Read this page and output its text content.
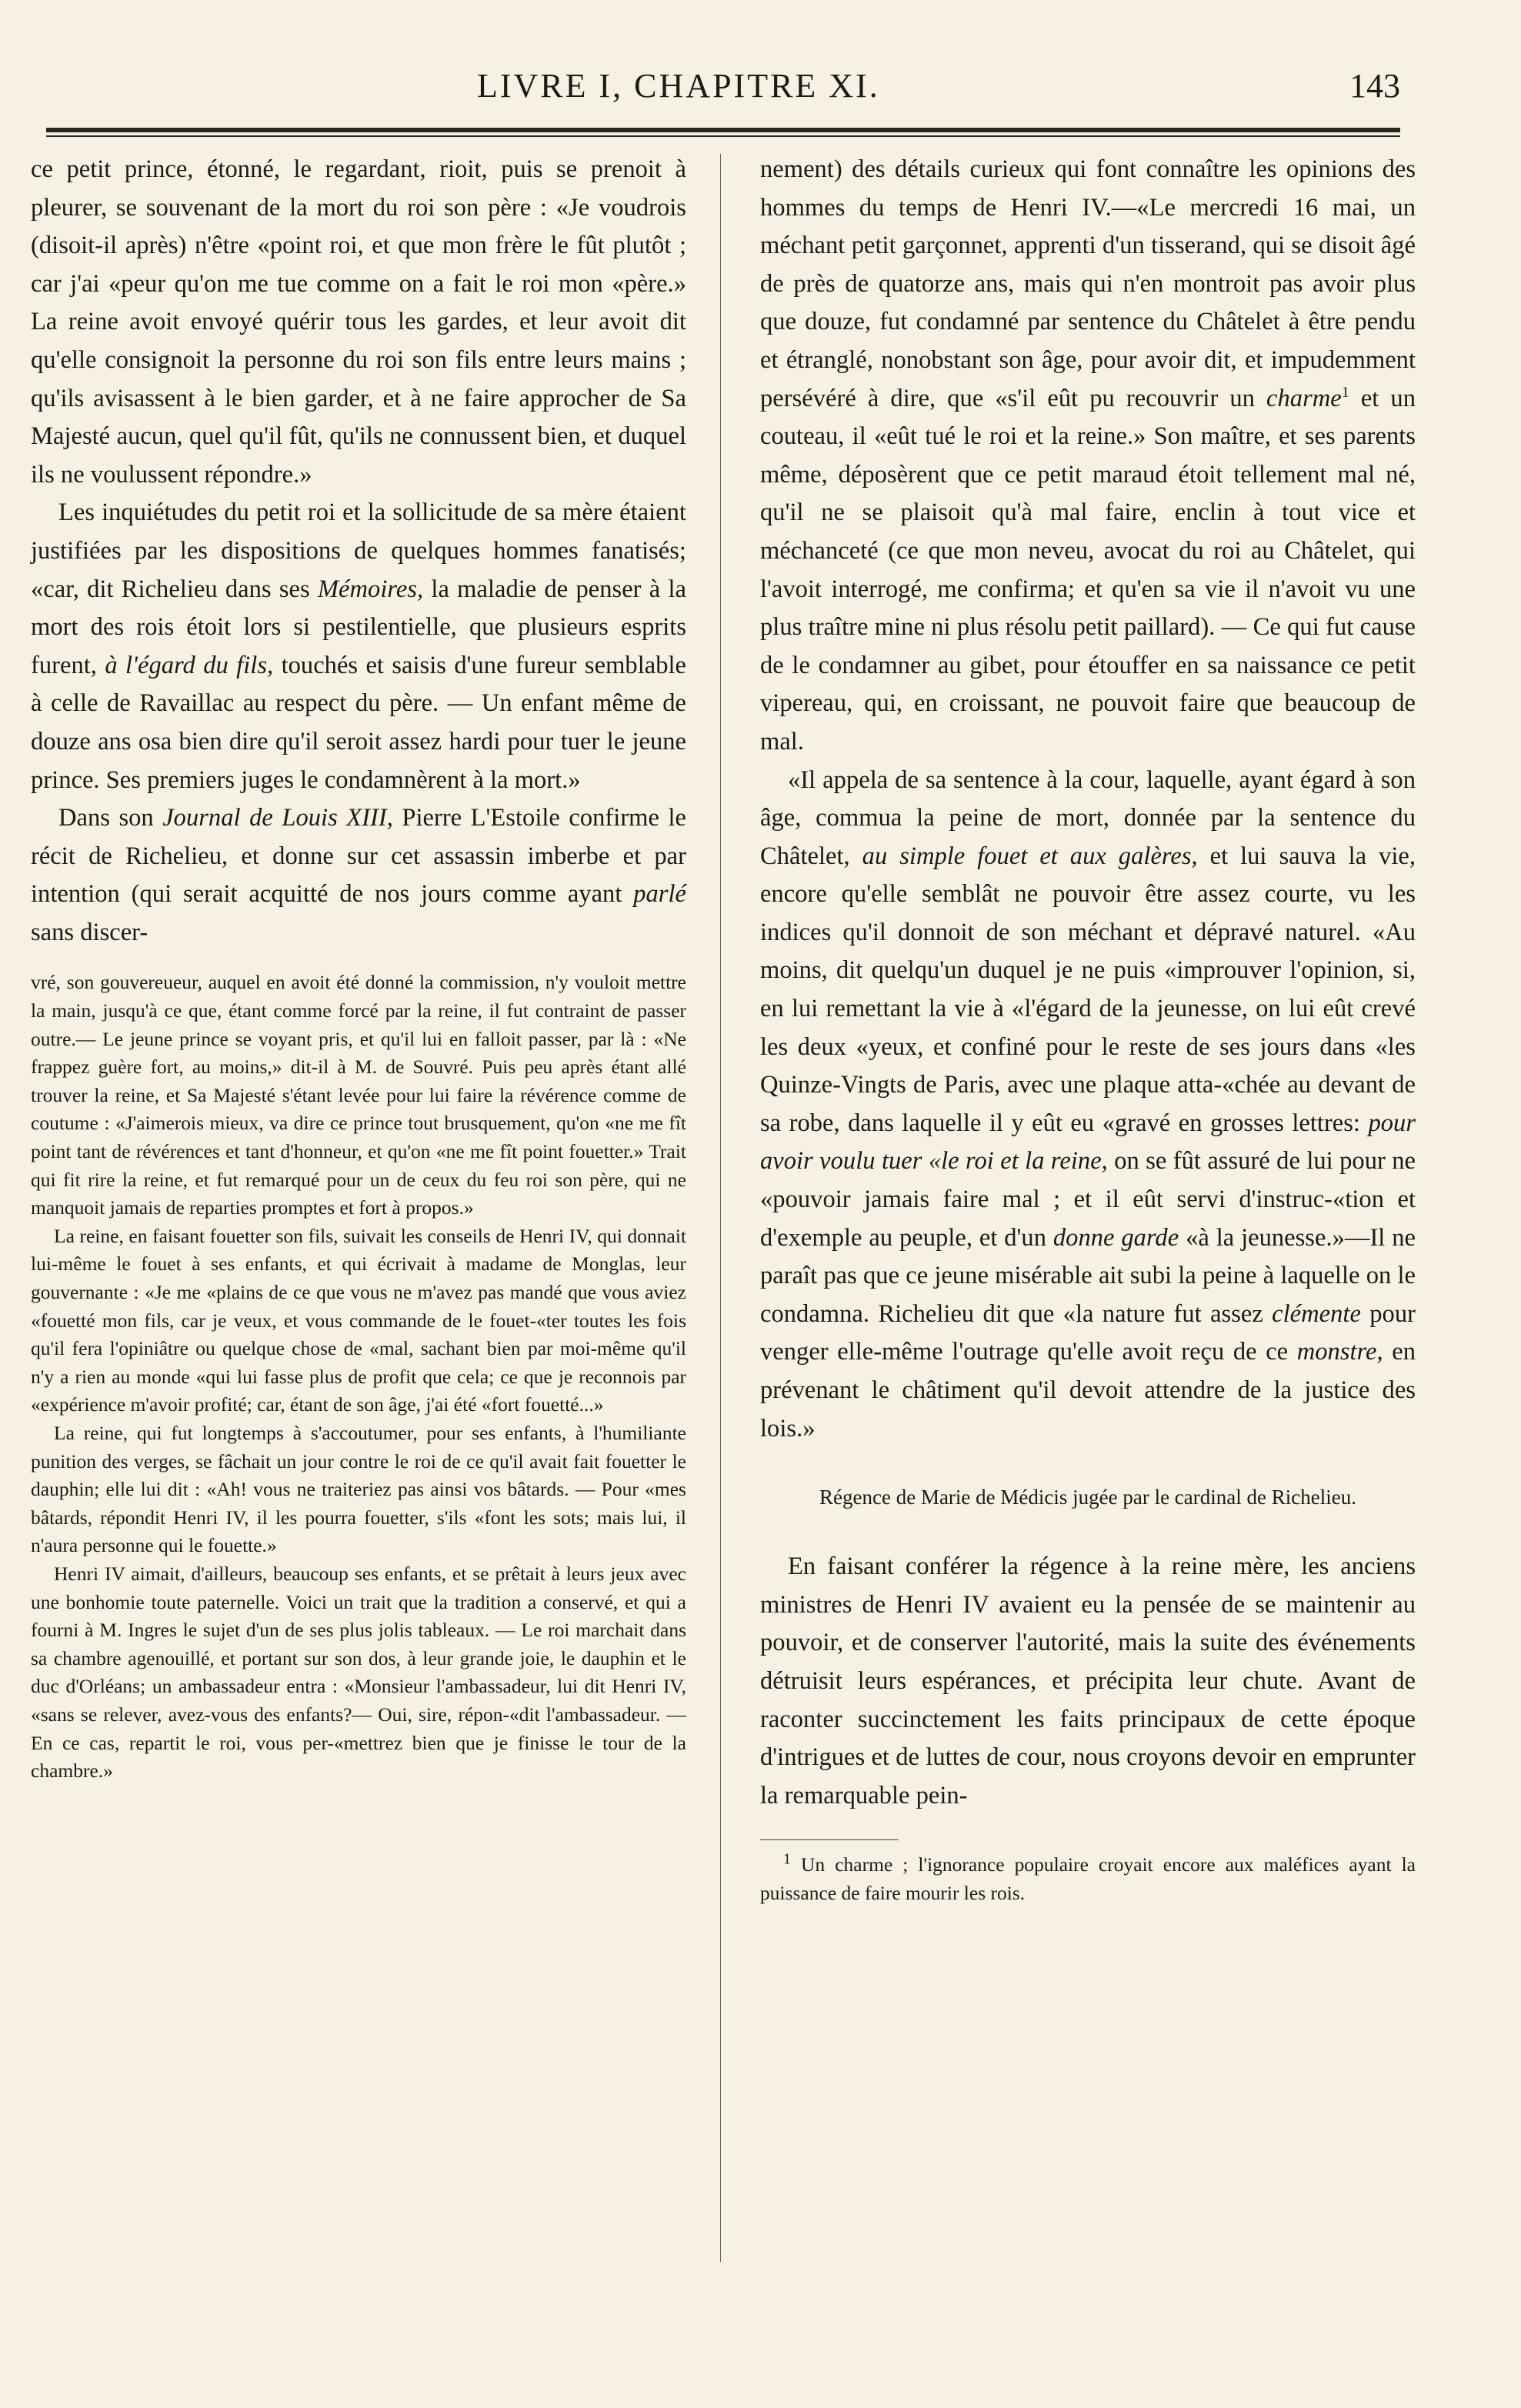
LIVRE I, CHAPITRE XI.	143

ce petit prince, étonné, le regardant, rioit, puis se prenoit à pleurer, se souvenant de la mort du roi son père : «Je voudrois (disoit-il après) n'être «point roi, et que mon frère le fût plutôt ; car j'ai «peur qu'on me tue comme on a fait le roi mon «père.» La reine avoit envoyé quérir tous les gardes, et leur avoit dit qu'elle consignoit la personne du roi son fils entre leurs mains ; qu'ils avisassent à le bien garder, et à ne faire approcher de Sa Majesté aucun, quel qu'il fût, qu'ils ne connussent bien, et duquel ils ne voulussent répondre.»

Les inquiétudes du petit roi et la sollicitude de sa mère étaient justifiées par les dispositions de quelques hommes fanatisés; «car, dit Richelieu dans ses Mémoires, la maladie de penser à la mort des rois étoit lors si pestilentielle, que plusieurs esprits furent, à l'égard du fils, touchés et saisis d'une fureur semblable à celle de Ravaillac au respect du père. — Un enfant même de douze ans osa bien dire qu'il seroit assez hardi pour tuer le jeune prince. Ses premiers juges le condamnèrent à la mort.»

Dans son Journal de Louis XIII, Pierre L'Estoile confirme le récit de Richelieu, et donne sur cet assassin imberbe et par intention (qui serait acquitté de nos jours comme ayant parlé sans discer-

vré, son gouvereueur, auquel en avoit été donné la commission, n'y vouloit mettre la main, jusqu'à ce que, étant comme forcé par la reine, il fut contraint de passer outre.— Le jeune prince se voyant pris, et qu'il lui en falloit passer, par là : «Ne frappez guère fort, au moins,» dit-il à M. de Souvré. Puis peu après étant allé trouver la reine, et Sa Majesté s'étant levée pour lui faire la révérence comme de coutume : «J'aimerois mieux, va dire ce prince tout brusquement, qu'on «ne me fît point tant de révérences et tant d'honneur, et qu'on «ne me fît point fouetter.» Trait qui fit rire la reine, et fut remarqué pour un de ceux du feu roi son père, qui ne manquoit jamais de reparties promptes et fort à propos.»

La reine, en faisant fouetter son fils, suivait les conseils de Henri IV, qui donnait lui-même le fouet à ses enfants, et qui écrivait à madame de Monglas, leur gouvernante : «Je me «plains de ce que vous ne m'avez pas mandé que vous aviez «fouetté mon fils, car je veux, et vous commande de le fouet-«ter toutes les fois qu'il fera l'opiniâtre ou quelque chose de «mal, sachant bien par moi-même qu'il n'y a rien au monde «qui lui fasse plus de profit que cela; ce que je reconnois par «expérience m'avoir profité; car, étant de son âge, j'ai été «fort fouetté...»

La reine, qui fut longtemps à s'accoutumer, pour ses enfants, à l'humiliante punition des verges, se fâchait un jour contre le roi de ce qu'il avait fait fouetter le dauphin; elle lui dit : «Ah! vous ne traiteriez pas ainsi vos bâtards. — Pour «mes bâtards, répondit Henri IV, il les pourra fouetter, s'ils «font les sots; mais lui, il n'aura personne qui le fouette.»

Henri IV aimait, d'ailleurs, beaucoup ses enfants, et se prêtait à leurs jeux avec une bonhomie toute paternelle. Voici un trait que la tradition a conservé, et qui a fourni à M. Ingres le sujet d'un de ses plus jolis tableaux. — Le roi marchait dans sa chambre agenouillé, et portant sur son dos, à leur grande joie, le dauphin et le duc d'Orléans; un ambassadeur entra : «Monsieur l'ambassadeur, lui dit Henri IV, «sans se relever, avez-vous des enfants?— Oui, sire, répon-«dit l'ambassadeur. — En ce cas, repartit le roi, vous per-«mettrez bien que je finisse le tour de la chambre.»

nement) des détails curieux qui font connaître les opinions des hommes du temps de Henri IV.—«Le mercredi 16 mai, un méchant petit garçonnet, apprenti d'un tisserand, qui se disoit âgé de près de quatorze ans, mais qui n'en montroit pas avoir plus que douze, fut condamné par sentence du Châtelet à être pendu et étranglé, nonobstant son âge, pour avoir dit, et impudemment persévéré à dire, que «s'il eût pu recouvrir un charme$^1$ et un couteau, il «eût tué le roi et la reine.» Son maître, et ses parents même, déposèrent que ce petit maraud étoit tellement mal né, qu'il ne se plaisoit qu'à mal faire, enclin à tout vice et méchanceté (ce que mon neveu, avocat du roi au Châtelet, qui l'avoit interrogé, me confirma; et qu'en sa vie il n'avoit vu une plus traître mine ni plus résolu petit paillard). — Ce qui fut cause de le condamner au gibet, pour étouffer en sa naissance ce petit vipereau, qui, en croissant, ne pouvoit faire que beaucoup de mal.

«Il appela de sa sentence à la cour, laquelle, ayant égard à son âge, commua la peine de mort, donnée par la sentence du Châtelet, au simple fouet et aux galères, et lui sauva la vie, encore qu'elle semblât ne pouvoir être assez courte, vu les indices qu'il donnoit de son méchant et dépravé naturel. «Au moins, dit quelqu'un duquel je ne puis «improuver l'opinion, si, en lui remettant la vie à «l'égard de la jeunesse, on lui eût crevé les deux «yeux, et confiné pour le reste de ses jours dans «les Quinze-Vingts de Paris, avec une plaque atta-«chée au devant de sa robe, dans laquelle il y eût eu «gravé en grosses lettres: pour avoir voulu tuer «le roi et la reine, on se fût assuré de lui pour ne «pouvoir jamais faire mal ; et il eût servi d'instruc-«tion et d'exemple au peuple, et d'un donne garde «à la jeunesse.»—Il ne paraît pas que ce jeune misérable ait subi la peine à laquelle on le condamna. Richelieu dit que «la nature fut assez clémente pour venger elle-même l'outrage qu'elle avoit reçu de ce monstre, en prévenant le châtiment qu'il devoit attendre de la justice des lois.»

Régence de Marie de Médicis jugée par le cardinal de Richelieu.

En faisant conférer la régence à la reine mère, les anciens ministres de Henri IV avaient eu la pensée de se maintenir au pouvoir, et de conserver l'autorité, mais la suite des événements détruisit leurs espérances, et précipita leur chute. Avant de raconter succinctement les faits principaux de cette époque d'intrigues et de luttes de cour, nous croyons devoir en emprunter la remarquable pein-

$^1$ Un charme ; l'ignorance populaire croyait encore aux maléfices ayant la puissance de faire mourir les rois.
